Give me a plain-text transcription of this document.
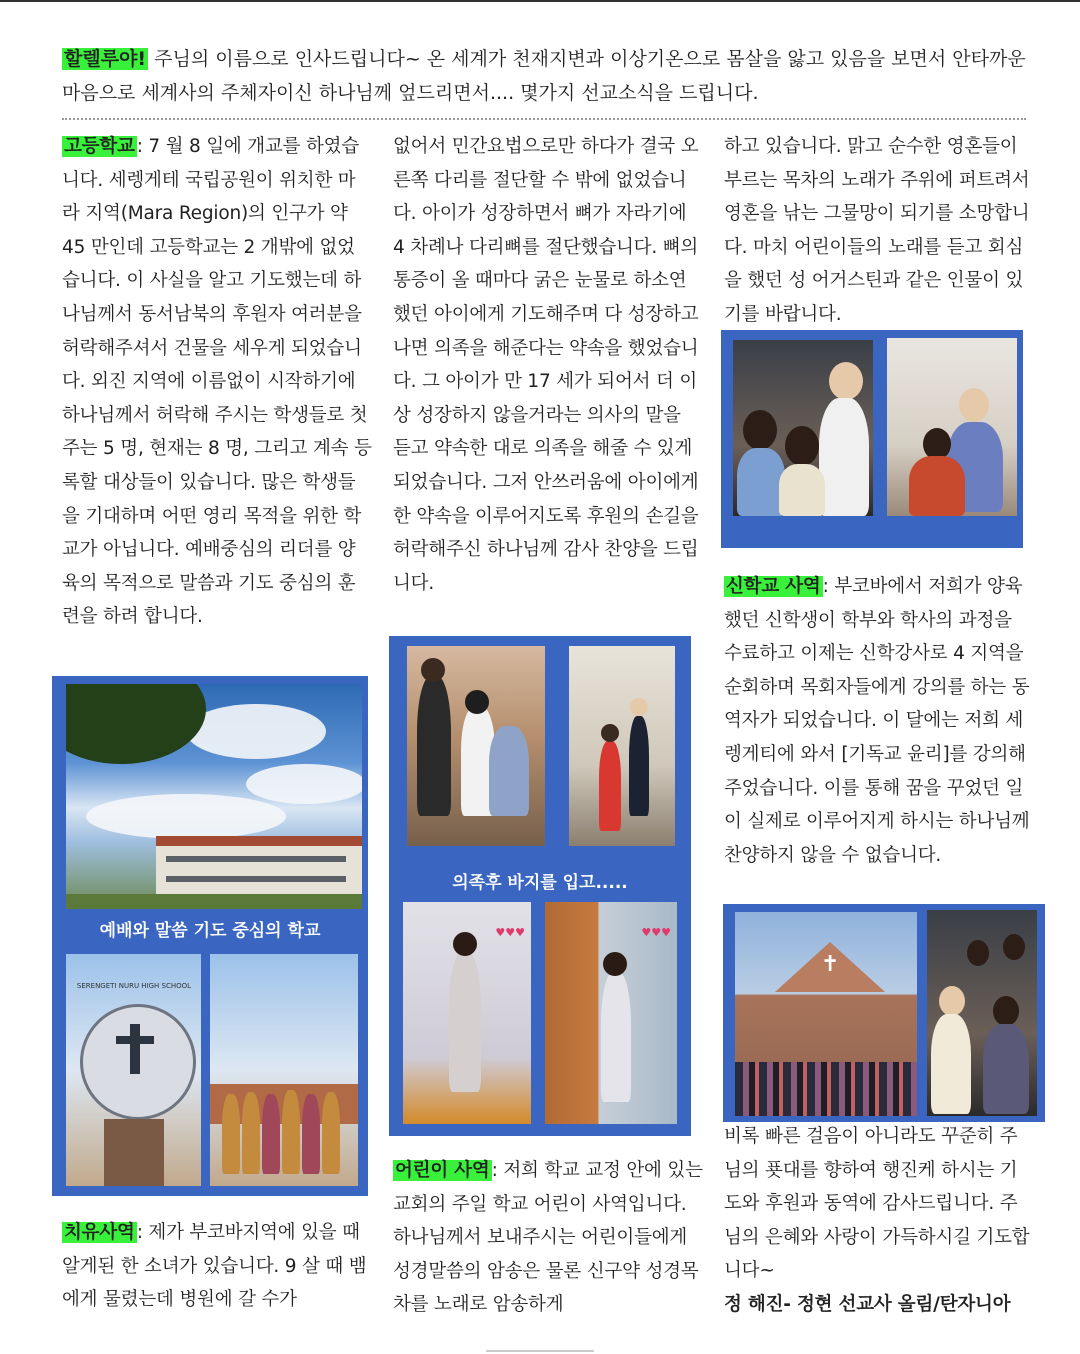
할렐루야! 주님의 이름으로 인사드립니다~ 온 세계가 천재지변과 이상기온으로 몸살을 앓고 있음을 보면서 안타까운 마음으로 세계사의 주체자이신 하나님께 엎드리면서.... 몇가지 선교소식을 드립니다.

고등학교 : 7 월 8 일에 개교를 하였습니다. 세렝게테 국립공원이 위치한 마라 지역(Mara Region)의 인구가 약 45 만인데 고등학교는 2 개밖에 없었습니다. 이 사실을 알고 기도했는데 하나님께서 동서남북의 후원자 여러분을 허락해주셔서 건물을 세우게 되었습니다. 외진 지역에 이름없이 시작하기에 하나님께서 허락해 주시는 학생들로 첫주는 5 명, 현재는 8 명, 그리고 계속 등록할 대상들이 있습니다. 많은 학생들을 기대하며 어떤 영리 목적을 위한 학교가 아닙니다. 예배중심의 리더를 양육의 목적으로 말씀과 기도 중심의 훈련을 하려 합니다.

예배와 말씀 기도 중심의 학교
SERENGETI NURU HIGH SCHOOL

치유사역 : 제가 부코바지역에 있을 때 알게된 한 소녀가 있습니다. 9 살 때 뱀에게 물렸는데 병원에 갈 수가

없어서 민간요법으로만 하다가 결국 오른쪽 다리를 절단할 수 밖에 없었습니다. 아이가 성장하면서 뼈가 자라기에 4 차례나 다리뼈를 절단했습니다. 뼈의 통증이 올 때마다 굵은 눈물로 하소연했던 아이에게 기도해주며 다 성장하고 나면 의족을 해준다는 약속을 했었습니다. 그 아이가 만 17 세가 되어서 더 이상 성장하지 않을거라는 의사의 말을 듣고 약속한 대로 의족을 해줄 수 있게 되었습니다. 그저 안쓰러움에 아이에게 한 약속을 이루어지도록 후원의 손길을 허락해주신 하나님께 감사 찬양을 드립니다.

의족후 바지를 입고.....
♥♥♥	♥♥♥

어린이 사역 : 저희 학교 교정 안에 있는 교회의 주일 학교 어린이 사역입니다. 하나님께서 보내주시는 어린이들에게 성경말씀의 암송은 물론 신구약 성경목차를 노래로 암송하게

하고 있습니다. 맑고 순수한 영혼들이 부르는 목차의 노래가 주위에 퍼트려서 영혼을 낚는 그물망이 되기를 소망합니다. 마치 어린이들의 노래를 듣고 회심을 했던 성 어거스틴과 같은 인물이 있기를 바랍니다.

신학교 사역 : 부코바에서 저희가 양육했던 신학생이 학부와 학사의 과정을 수료하고 이제는 신학강사로 4 지역을 순회하며 목회자들에게 강의를 하는 동역자가 되었습니다. 이 달에는 저희 세렝게티에 와서 [기독교 윤리]를 강의해 주었습니다. 이를 통해 꿈을 꾸었던 일이 실제로 이루어지게 하시는 하나님께 찬양하지 않을 수 없습니다.

✝

비록 빠른 걸음이 아니라도 꾸준히 주님의 푯대를 향하여 행진케 하시는 기도와 후원과 동역에 감사드립니다. 주님의 은혜와 사랑이 가득하시길 기도합니다~

정 해진- 정현 선교사 올림/탄자니아
